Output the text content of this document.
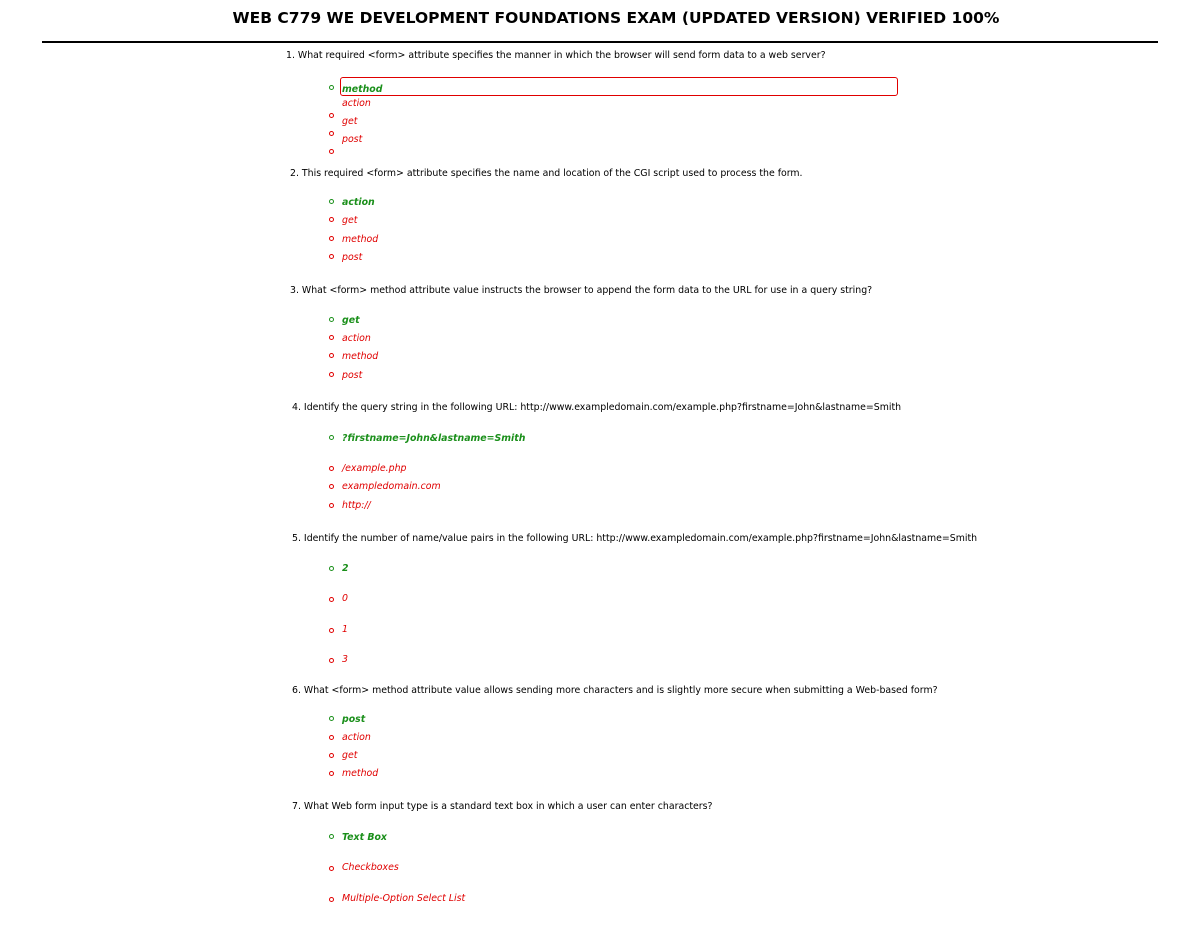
WEB C779 WE DEVELOPMENT FOUNDATIONS EXAM (UPDATED VERSION) VERIFIED 100%
1. What required <form> attribute specifies the manner in which the browser will send form data to a web server?
method
action
get
post
2. This required <form> attribute specifies the name and location of the CGI script used to process the form.
action
get
method
post
3. What <form> method attribute value instructs the browser to append the form data to the URL for use in a query string?
get
action
method
post
4. Identify the query string in the following URL: http://www.exampledomain.com/example.php?firstname=John&lastname=Smith
?firstname=John&lastname=Smith
/example.php
exampledomain.com
http://
5. Identify the number of name/value pairs in the following URL: http://www.exampledomain.com/example.php?firstname=John&lastname=Smith
2
0
1
3
6. What <form> method attribute value allows sending more characters and is slightly more secure when submitting a Web-based form?
post
action
get
method
7. What Web form input type is a standard text box in which a user can enter characters?
Text Box
Checkboxes
Multiple-Option Select List
